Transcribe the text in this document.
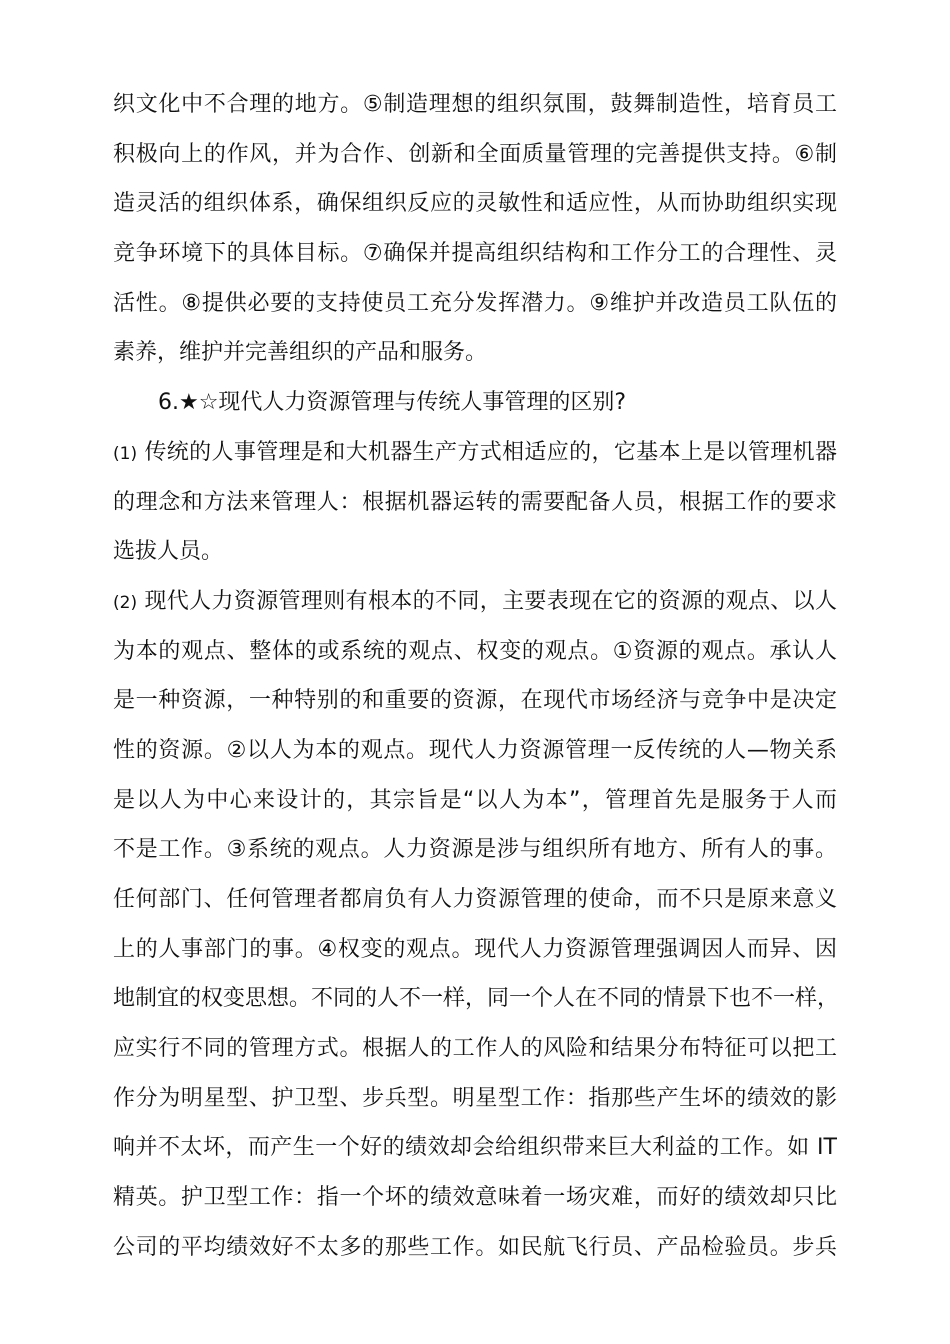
织文化中不合理的地方。⑤制造理想的组织氛围，鼓舞制造性，培育员工
积极向上的作风，并为合作、创新和全面质量管理的完善提供支持。⑥制
造灵活的组织体系，确保组织反应的灵敏性和适应性，从而协助组织实现
竞争环境下的具体目标。⑦确保并提高组织结构和工作分工的合理性、灵
活性。⑧提供必要的支持使员工充分发挥潜力。⑨维护并改造员工队伍的
素养，维护并完善组织的产品和服务。
6.★☆现代人力资源管理与传统人事管理的区别?
(1) 传统的人事管理是和大机器生产方式相适应的，它基本上是以管理机器
的理念和方法来管理人：根据机器运转的需要配备人员，根据工作的要求
选拔人员。
(2) 现代人力资源管理则有根本的不同，主要表现在它的资源的观点、以人
为本的观点、整体的或系统的观点、权变的观点。①资源的观点。承认人
是一种资源，一种特别的和重要的资源，在现代市场经济与竞争中是决定
性的资源。②以人为本的观点。现代人力资源管理一反传统的人—物关系
是以人为中心来设计的，其宗旨是“以人为本”，管理首先是服务于人而
不是工作。③系统的观点。人力资源是涉与组织所有地方、所有人的事。
任何部门、任何管理者都肩负有人力资源管理的使命，而不只是原来意义
上的人事部门的事。④权变的观点。现代人力资源管理强调因人而异、因
地制宜的权变思想。不同的人不一样，同一个人在不同的情景下也不一样，
应实行不同的管理方式。根据人的工作人的风险和结果分布特征可以把工
作分为明星型、护卫型、步兵型。明星型工作：指那些产生坏的绩效的影
响并不太坏，而产生一个好的绩效却会给组织带来巨大利益的工作。如 IT
精英。护卫型工作：指一个坏的绩效意味着一场灾难，而好的绩效却只比
公司的平均绩效好不太多的那些工作。如民航飞行员、产品检验员。步兵
